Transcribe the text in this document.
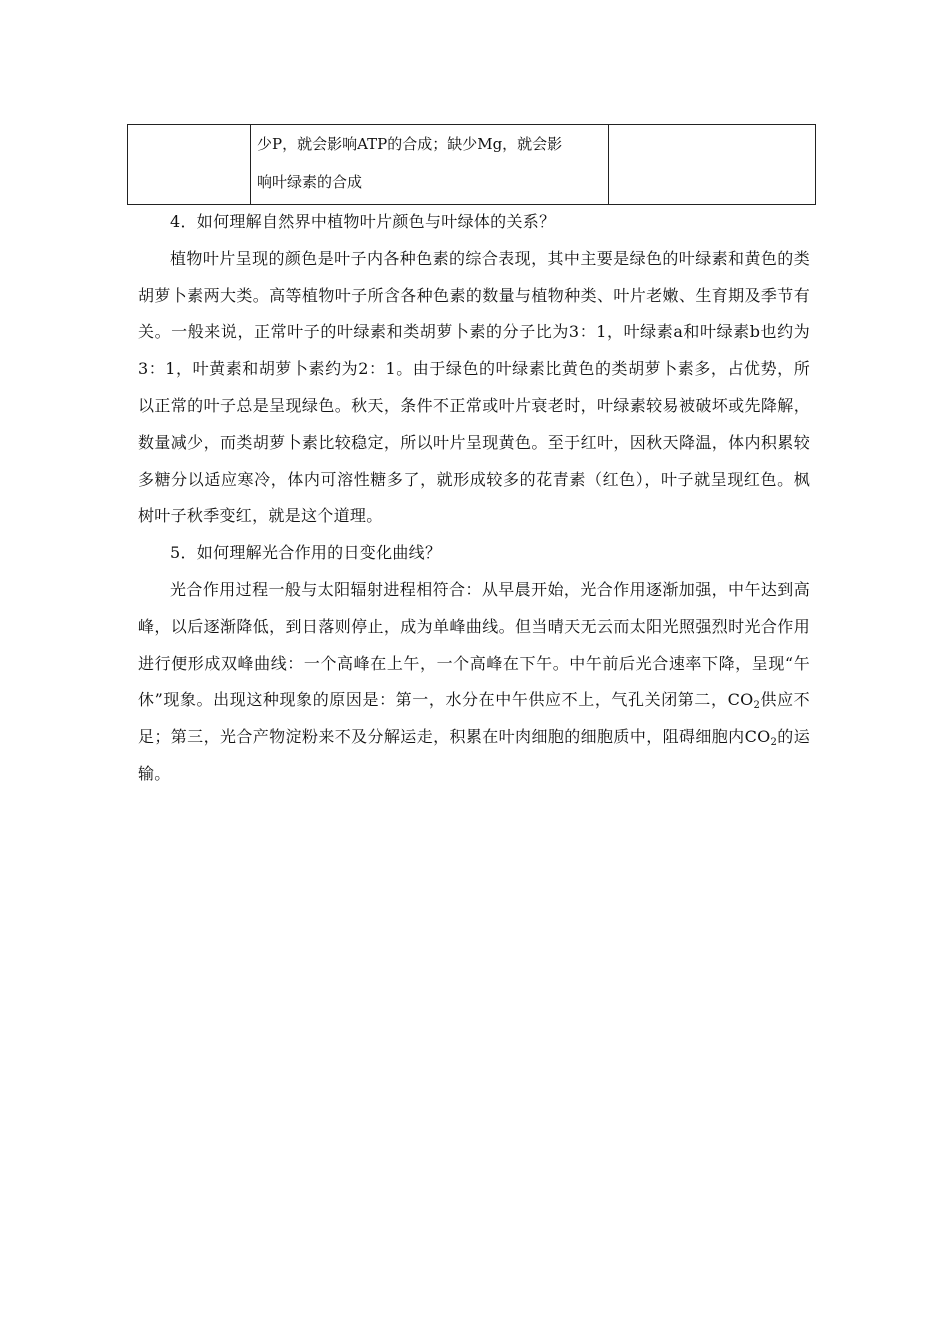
少P，就会影响ATP的合成；缺少Mg，就会影
响叶绿素的合成

4．如何理解自然界中植物叶片颜色与叶绿体的关系？

植物叶片呈现的颜色是叶子内各种色素的综合表现，其中主要是绿色的叶绿素和黄色的类胡萝卜素两大类。高等植物叶子所含各种色素的数量与植物种类、叶片老嫩、生育期及季节有关。一般来说，正常叶子的叶绿素和类胡萝卜素的分子比为3：1，叶绿素a和叶绿素b也约为3：1，叶黄素和胡萝卜素约为2：1。由于绿色的叶绿素比黄色的类胡萝卜素多，占优势，所以正常的叶子总是呈现绿色。秋天，条件不正常或叶片衰老时，叶绿素较易被破坏或先降解，数量减少，而类胡萝卜素比较稳定，所以叶片呈现黄色。至于红叶，因秋天降温，体内积累较多糖分以适应寒冷，体内可溶性糖多了，就形成较多的花青素（红色），叶子就呈现红色。枫树叶子秋季变红，就是这个道理。

5．如何理解光合作用的日变化曲线？

光合作用过程一般与太阳辐射进程相符合：从早晨开始，光合作用逐渐加强，中午达到高峰，以后逐渐降低，到日落则停止，成为单峰曲线。但当晴天无云而太阳光照强烈时光合作用进行便形成双峰曲线：一个高峰在上午，一个高峰在下午。中午前后光合速率下降，呈现“午休”现象。出现这种现象的原因是：第一，水分在中午供应不上，气孔关闭第二，$CO_2$供应不足；第三，光合产物淀粉来不及分解运走，积累在叶肉细胞的细胞质中，阻碍细胞内$CO_2$的运输。
